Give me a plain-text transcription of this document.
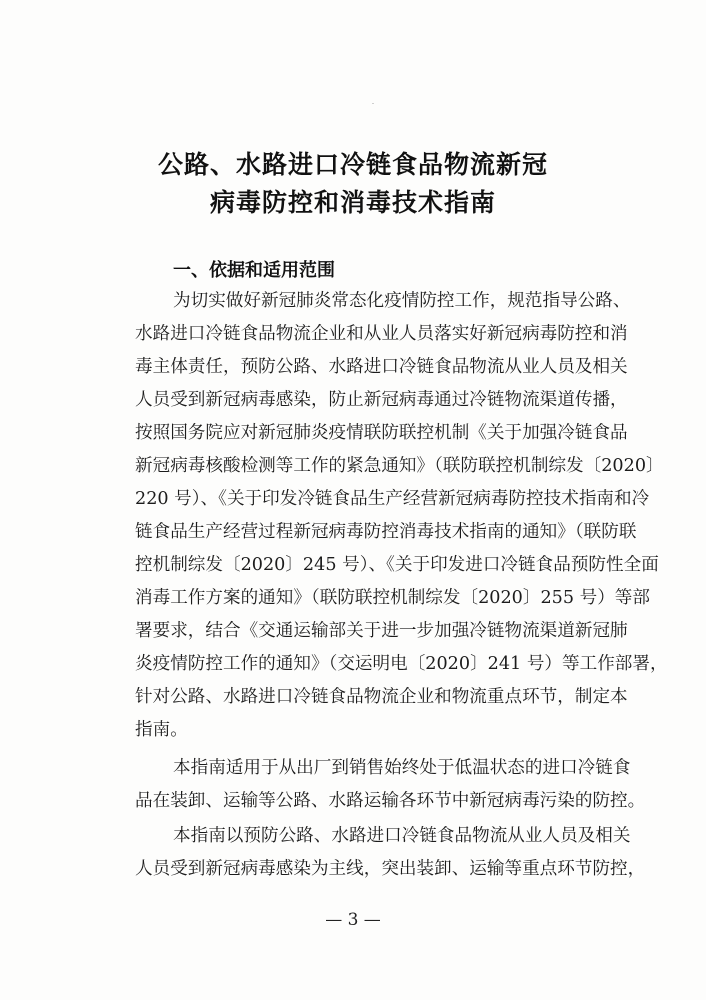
公路、水路进口冷链食品物流新冠
病毒防控和消毒技术指南
一、依据和适用范围
为切实做好新冠肺炎常态化疫情防控工作，规范指导公路、
水路进口冷链食品物流企业和从业人员落实好新冠病毒防控和消
毒主体责任，预防公路、水路进口冷链食品物流从业人员及相关
人员受到新冠病毒感染，防止新冠病毒通过冷链物流渠道传播，
按照国务院应对新冠肺炎疫情联防联控机制《关于加强冷链食品
新冠病毒核酸检测等工作的紧急通知》（联防联控机制综发〔2020〕
220 号）、《关于印发冷链食品生产经营新冠病毒防控技术指南和冷
链食品生产经营过程新冠病毒防控消毒技术指南的通知》（联防联
控机制综发〔2020〕245 号）、《关于印发进口冷链食品预防性全面
消毒工作方案的通知》（联防联控机制综发〔2020〕255 号）等部
署要求，结合《交通运输部关于进一步加强冷链物流渠道新冠肺
炎疫情防控工作的通知》（交运明电〔2020〕241 号）等工作部署，
针对公路、水路进口冷链食品物流企业和物流重点环节，制定本
指南。
本指南适用于从出厂到销售始终处于低温状态的进口冷链食
品在装卸、运输等公路、水路运输各环节中新冠病毒污染的防控。
本指南以预防公路、水路进口冷链食品物流从业人员及相关
人员受到新冠病毒感染为主线，突出装卸、运输等重点环节防控，
— 3 —
